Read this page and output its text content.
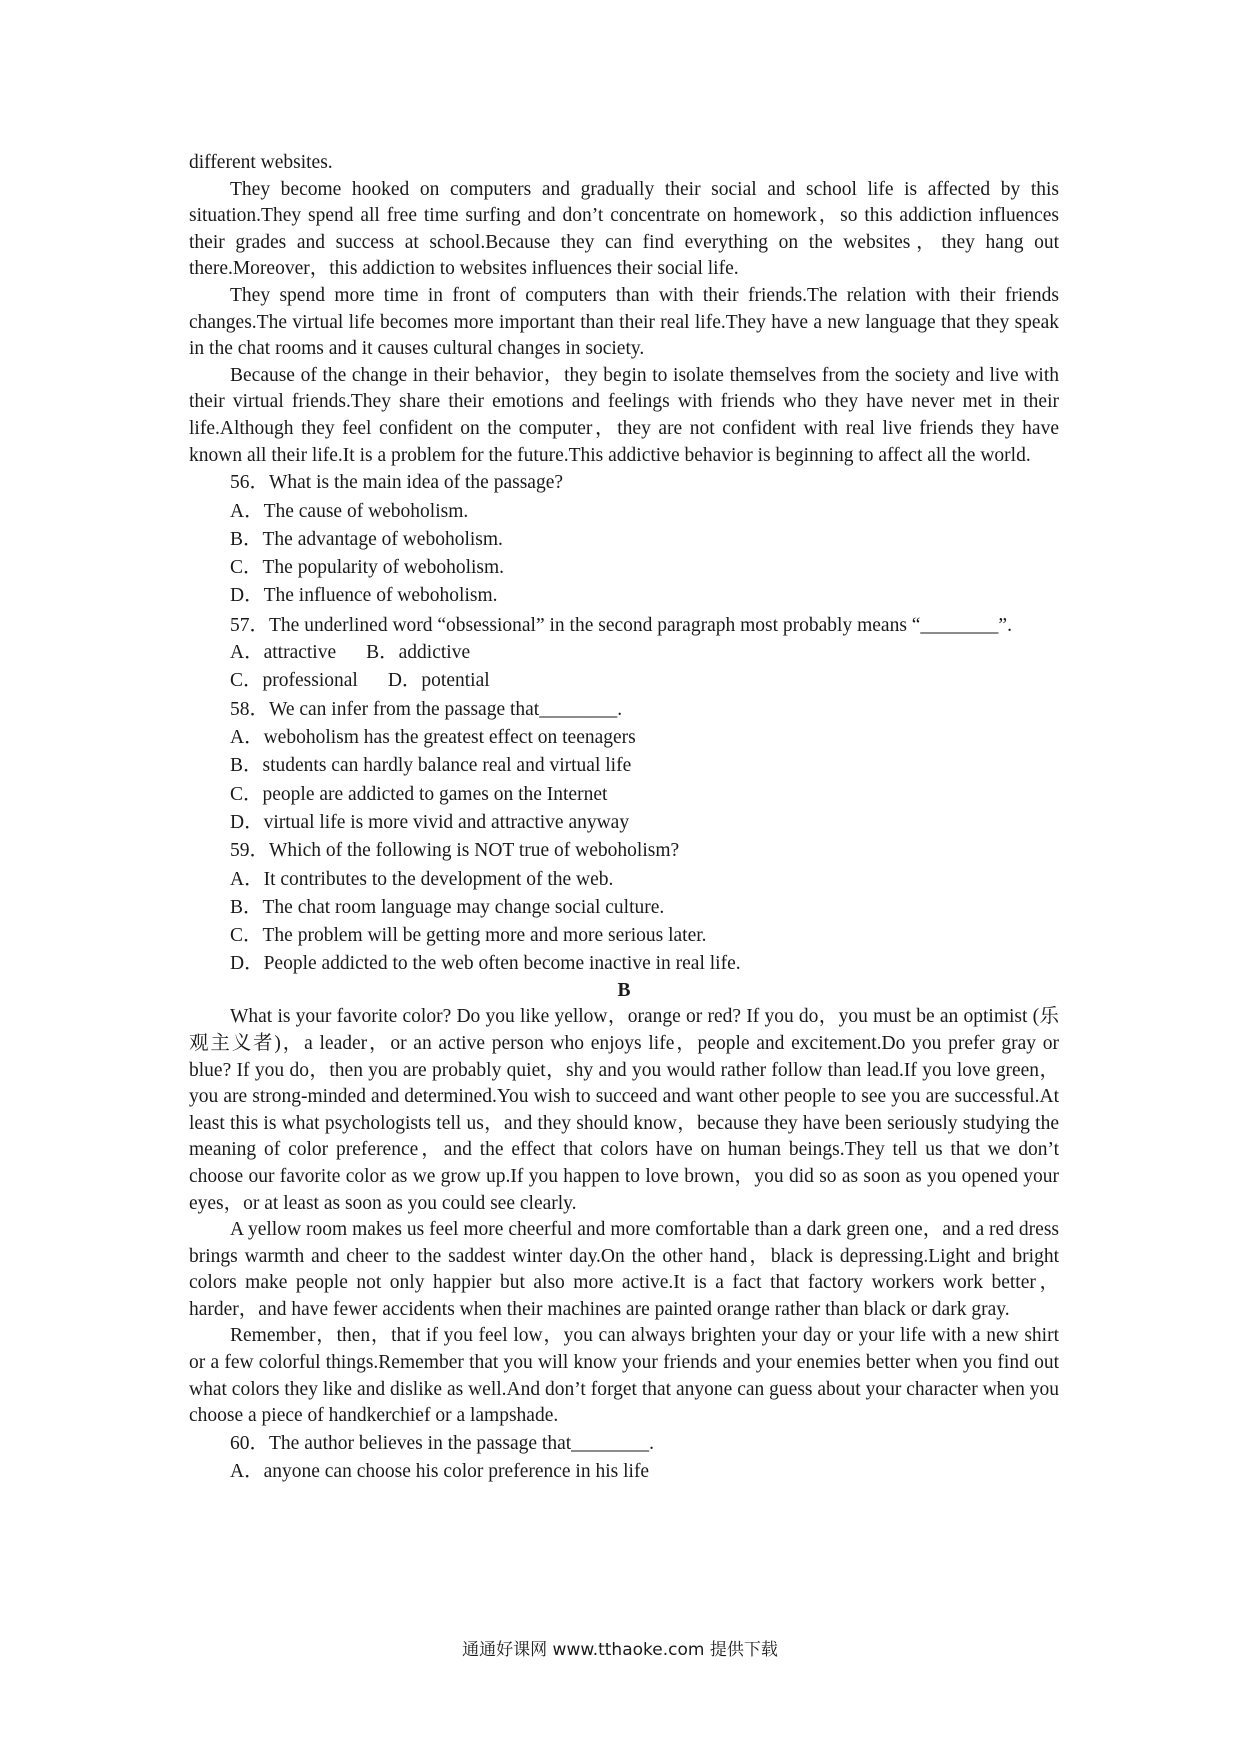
different websites.

They become hooked on computers and gradually their social and school life is affected by this situation.They spend all free time surfing and don’t concentrate on homework，so this addiction influences their grades and success at school.Because they can find everything on the websites，they hang out there.Moreover，this addiction to websites influences their social life.

They spend more time in front of computers than with their friends.The relation with their friends changes.The virtual life becomes more important than their real life.They have a new language that they speak in the chat rooms and it causes cultural changes in society.

Because of the change in their behavior，they begin to isolate themselves from the society and live with their virtual friends.They share their emotions and feelings with friends who they have never met in their life.Although they feel confident on the computer，they are not confident with real live friends they have known all their life.It is a problem for the future.This addictive behavior is beginning to affect all the world.

56．What is the main idea of the passage?

A．The cause of weboholism.

B．The advantage of weboholism.

C．The popularity of weboholism.

D．The influence of weboholism.

57．The underlined word “obsessional” in the second paragraph most probably means “________”.

A．attractive B．addictive

C．professional D．potential

58．We can infer from the passage that________.

A．weboholism has the greatest effect on teenagers

B．students can hardly balance real and virtual life

C．people are addicted to games on the Internet

D．virtual life is more vivid and attractive anyway

59．Which of the following is NOT true of weboholism?

A．It contributes to the development of the web.

B．The chat room language may change social culture.

C．The problem will be getting more and more serious later.

D．People addicted to the web often become inactive in real life.

B

What is your favorite color? Do you like yellow，orange or red? If you do，you must be an optimist (乐观主义者)，a leader，or an active person who enjoys life，people and excitement.Do you prefer gray or blue? If you do，then you are probably quiet，shy and you would rather follow than lead.If you love green，you are strong-minded and determined.You wish to succeed and want other people to see you are successful.At least this is what psychologists tell us，and they should know，because they have been seriously studying the meaning of color preference，and the effect that colors have on human beings.They tell us that we don’t choose our favorite color as we grow up.If you happen to love brown，you did so as soon as you opened your eyes，or at least as soon as you could see clearly.

A yellow room makes us feel more cheerful and more comfortable than a dark green one，and a red dress brings warmth and cheer to the saddest winter day.On the other hand，black is depressing.Light and bright colors make people not only happier but also more active.It is a fact that factory workers work better，harder，and have fewer accidents when their machines are painted orange rather than black or dark gray.

Remember，then，that if you feel low，you can always brighten your day or your life with a new shirt or a few colorful things.Remember that you will know your friends and your enemies better when you find out what colors they like and dislike as well.And don’t forget that anyone can guess about your character when you choose a piece of handkerchief or a lampshade.

60．The author believes in the passage that________.

A．anyone can choose his color preference in his life

通通好课网 www.tthaoke.com 提供下载
